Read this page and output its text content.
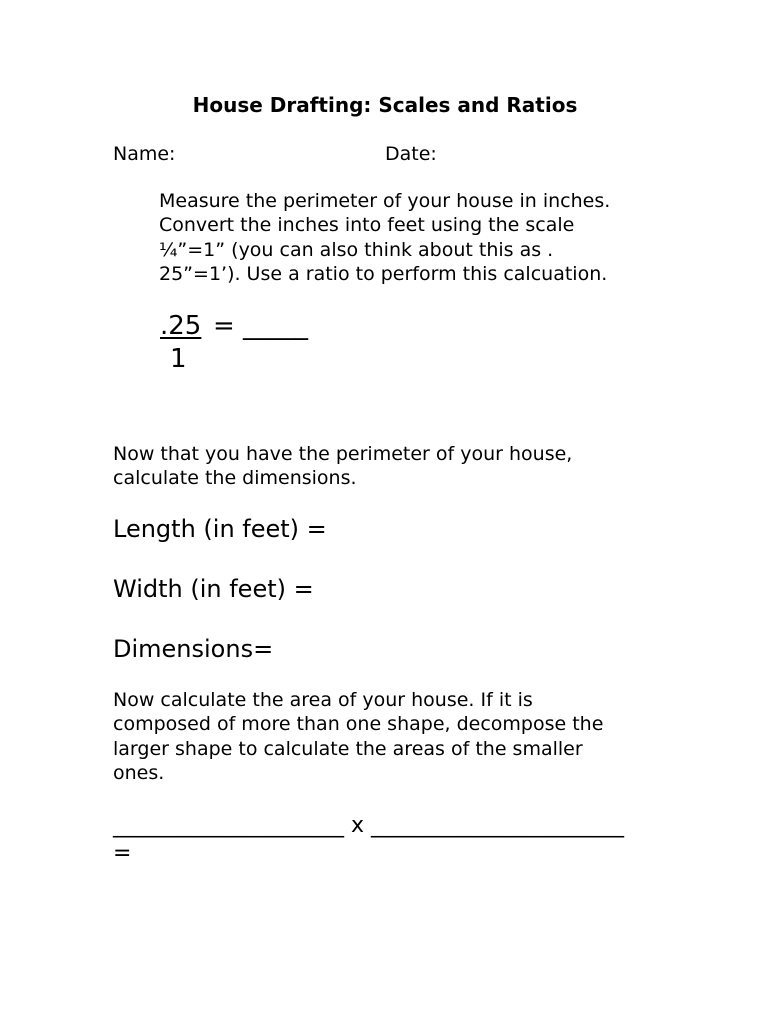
House Drafting: Scales and Ratios
Name:	Date:
Measure the perimeter of your house in inches.
Convert the inches into feet using the scale
¼”=1” (you can also think about this as .
25”=1’). Use a ratio to perform this calcuation.
.25 = _____
1
Now that you have the perimeter of your house,
calculate the dimensions.
Length (in feet) =
Width (in feet) =
Dimensions=
Now calculate the area of your house. If it is
composed of more than one shape, decompose the
larger shape to calculate the areas of the smaller
ones.
_____________________ x _______________________
=
